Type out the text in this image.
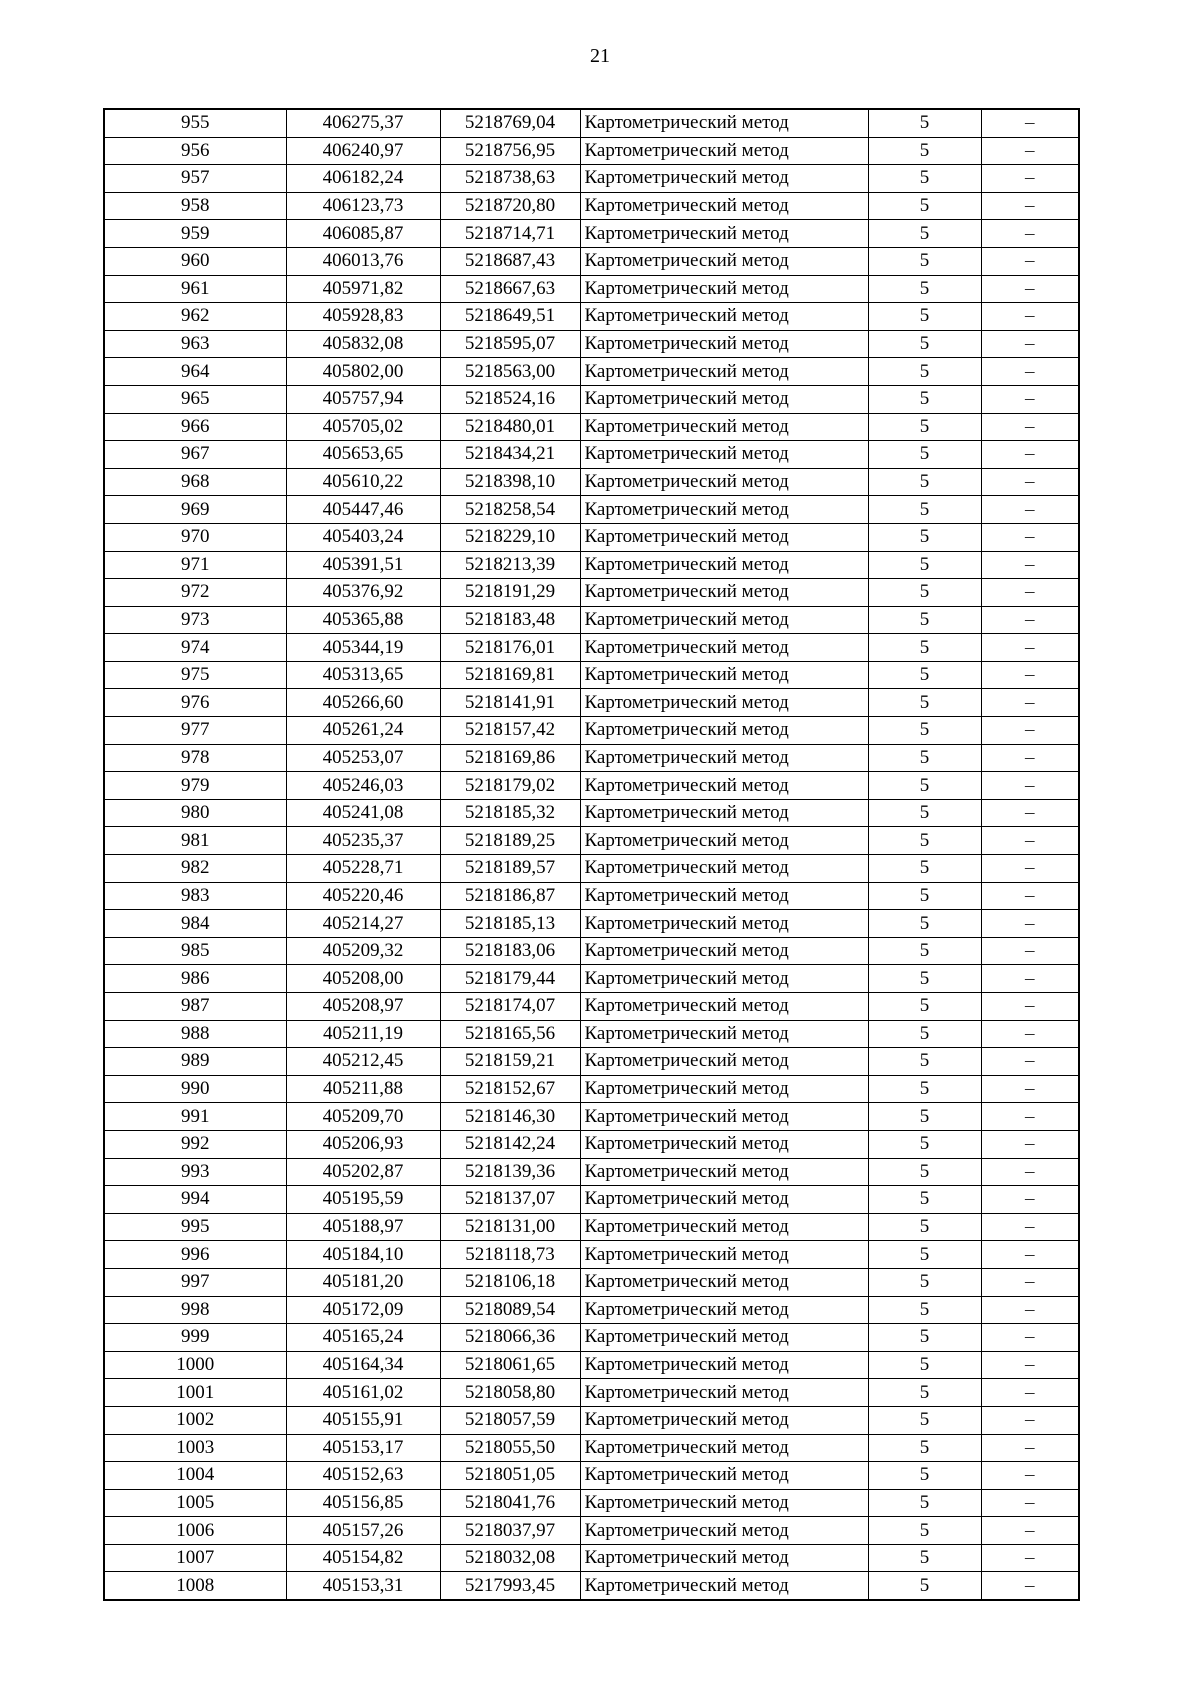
21
955	406275,37	5218769,04	Картометрический метод	5	–
956	406240,97	5218756,95	Картометрический метод	5	–
957	406182,24	5218738,63	Картометрический метод	5	–
958	406123,73	5218720,80	Картометрический метод	5	–
959	406085,87	5218714,71	Картометрический метод	5	–
960	406013,76	5218687,43	Картометрический метод	5	–
961	405971,82	5218667,63	Картометрический метод	5	–
962	405928,83	5218649,51	Картометрический метод	5	–
963	405832,08	5218595,07	Картометрический метод	5	–
964	405802,00	5218563,00	Картометрический метод	5	–
965	405757,94	5218524,16	Картометрический метод	5	–
966	405705,02	5218480,01	Картометрический метод	5	–
967	405653,65	5218434,21	Картометрический метод	5	–
968	405610,22	5218398,10	Картометрический метод	5	–
969	405447,46	5218258,54	Картометрический метод	5	–
970	405403,24	5218229,10	Картометрический метод	5	–
971	405391,51	5218213,39	Картометрический метод	5	–
972	405376,92	5218191,29	Картометрический метод	5	–
973	405365,88	5218183,48	Картометрический метод	5	–
974	405344,19	5218176,01	Картометрический метод	5	–
975	405313,65	5218169,81	Картометрический метод	5	–
976	405266,60	5218141,91	Картометрический метод	5	–
977	405261,24	5218157,42	Картометрический метод	5	–
978	405253,07	5218169,86	Картометрический метод	5	–
979	405246,03	5218179,02	Картометрический метод	5	–
980	405241,08	5218185,32	Картометрический метод	5	–
981	405235,37	5218189,25	Картометрический метод	5	–
982	405228,71	5218189,57	Картометрический метод	5	–
983	405220,46	5218186,87	Картометрический метод	5	–
984	405214,27	5218185,13	Картометрический метод	5	–
985	405209,32	5218183,06	Картометрический метод	5	–
986	405208,00	5218179,44	Картометрический метод	5	–
987	405208,97	5218174,07	Картометрический метод	5	–
988	405211,19	5218165,56	Картометрический метод	5	–
989	405212,45	5218159,21	Картометрический метод	5	–
990	405211,88	5218152,67	Картометрический метод	5	–
991	405209,70	5218146,30	Картометрический метод	5	–
992	405206,93	5218142,24	Картометрический метод	5	–
993	405202,87	5218139,36	Картометрический метод	5	–
994	405195,59	5218137,07	Картометрический метод	5	–
995	405188,97	5218131,00	Картометрический метод	5	–
996	405184,10	5218118,73	Картометрический метод	5	–
997	405181,20	5218106,18	Картометрический метод	5	–
998	405172,09	5218089,54	Картометрический метод	5	–
999	405165,24	5218066,36	Картометрический метод	5	–
1000	405164,34	5218061,65	Картометрический метод	5	–
1001	405161,02	5218058,80	Картометрический метод	5	–
1002	405155,91	5218057,59	Картометрический метод	5	–
1003	405153,17	5218055,50	Картометрический метод	5	–
1004	405152,63	5218051,05	Картометрический метод	5	–
1005	405156,85	5218041,76	Картометрический метод	5	–
1006	405157,26	5218037,97	Картометрический метод	5	–
1007	405154,82	5218032,08	Картометрический метод	5	–
1008	405153,31	5217993,45	Картометрический метод	5	–
